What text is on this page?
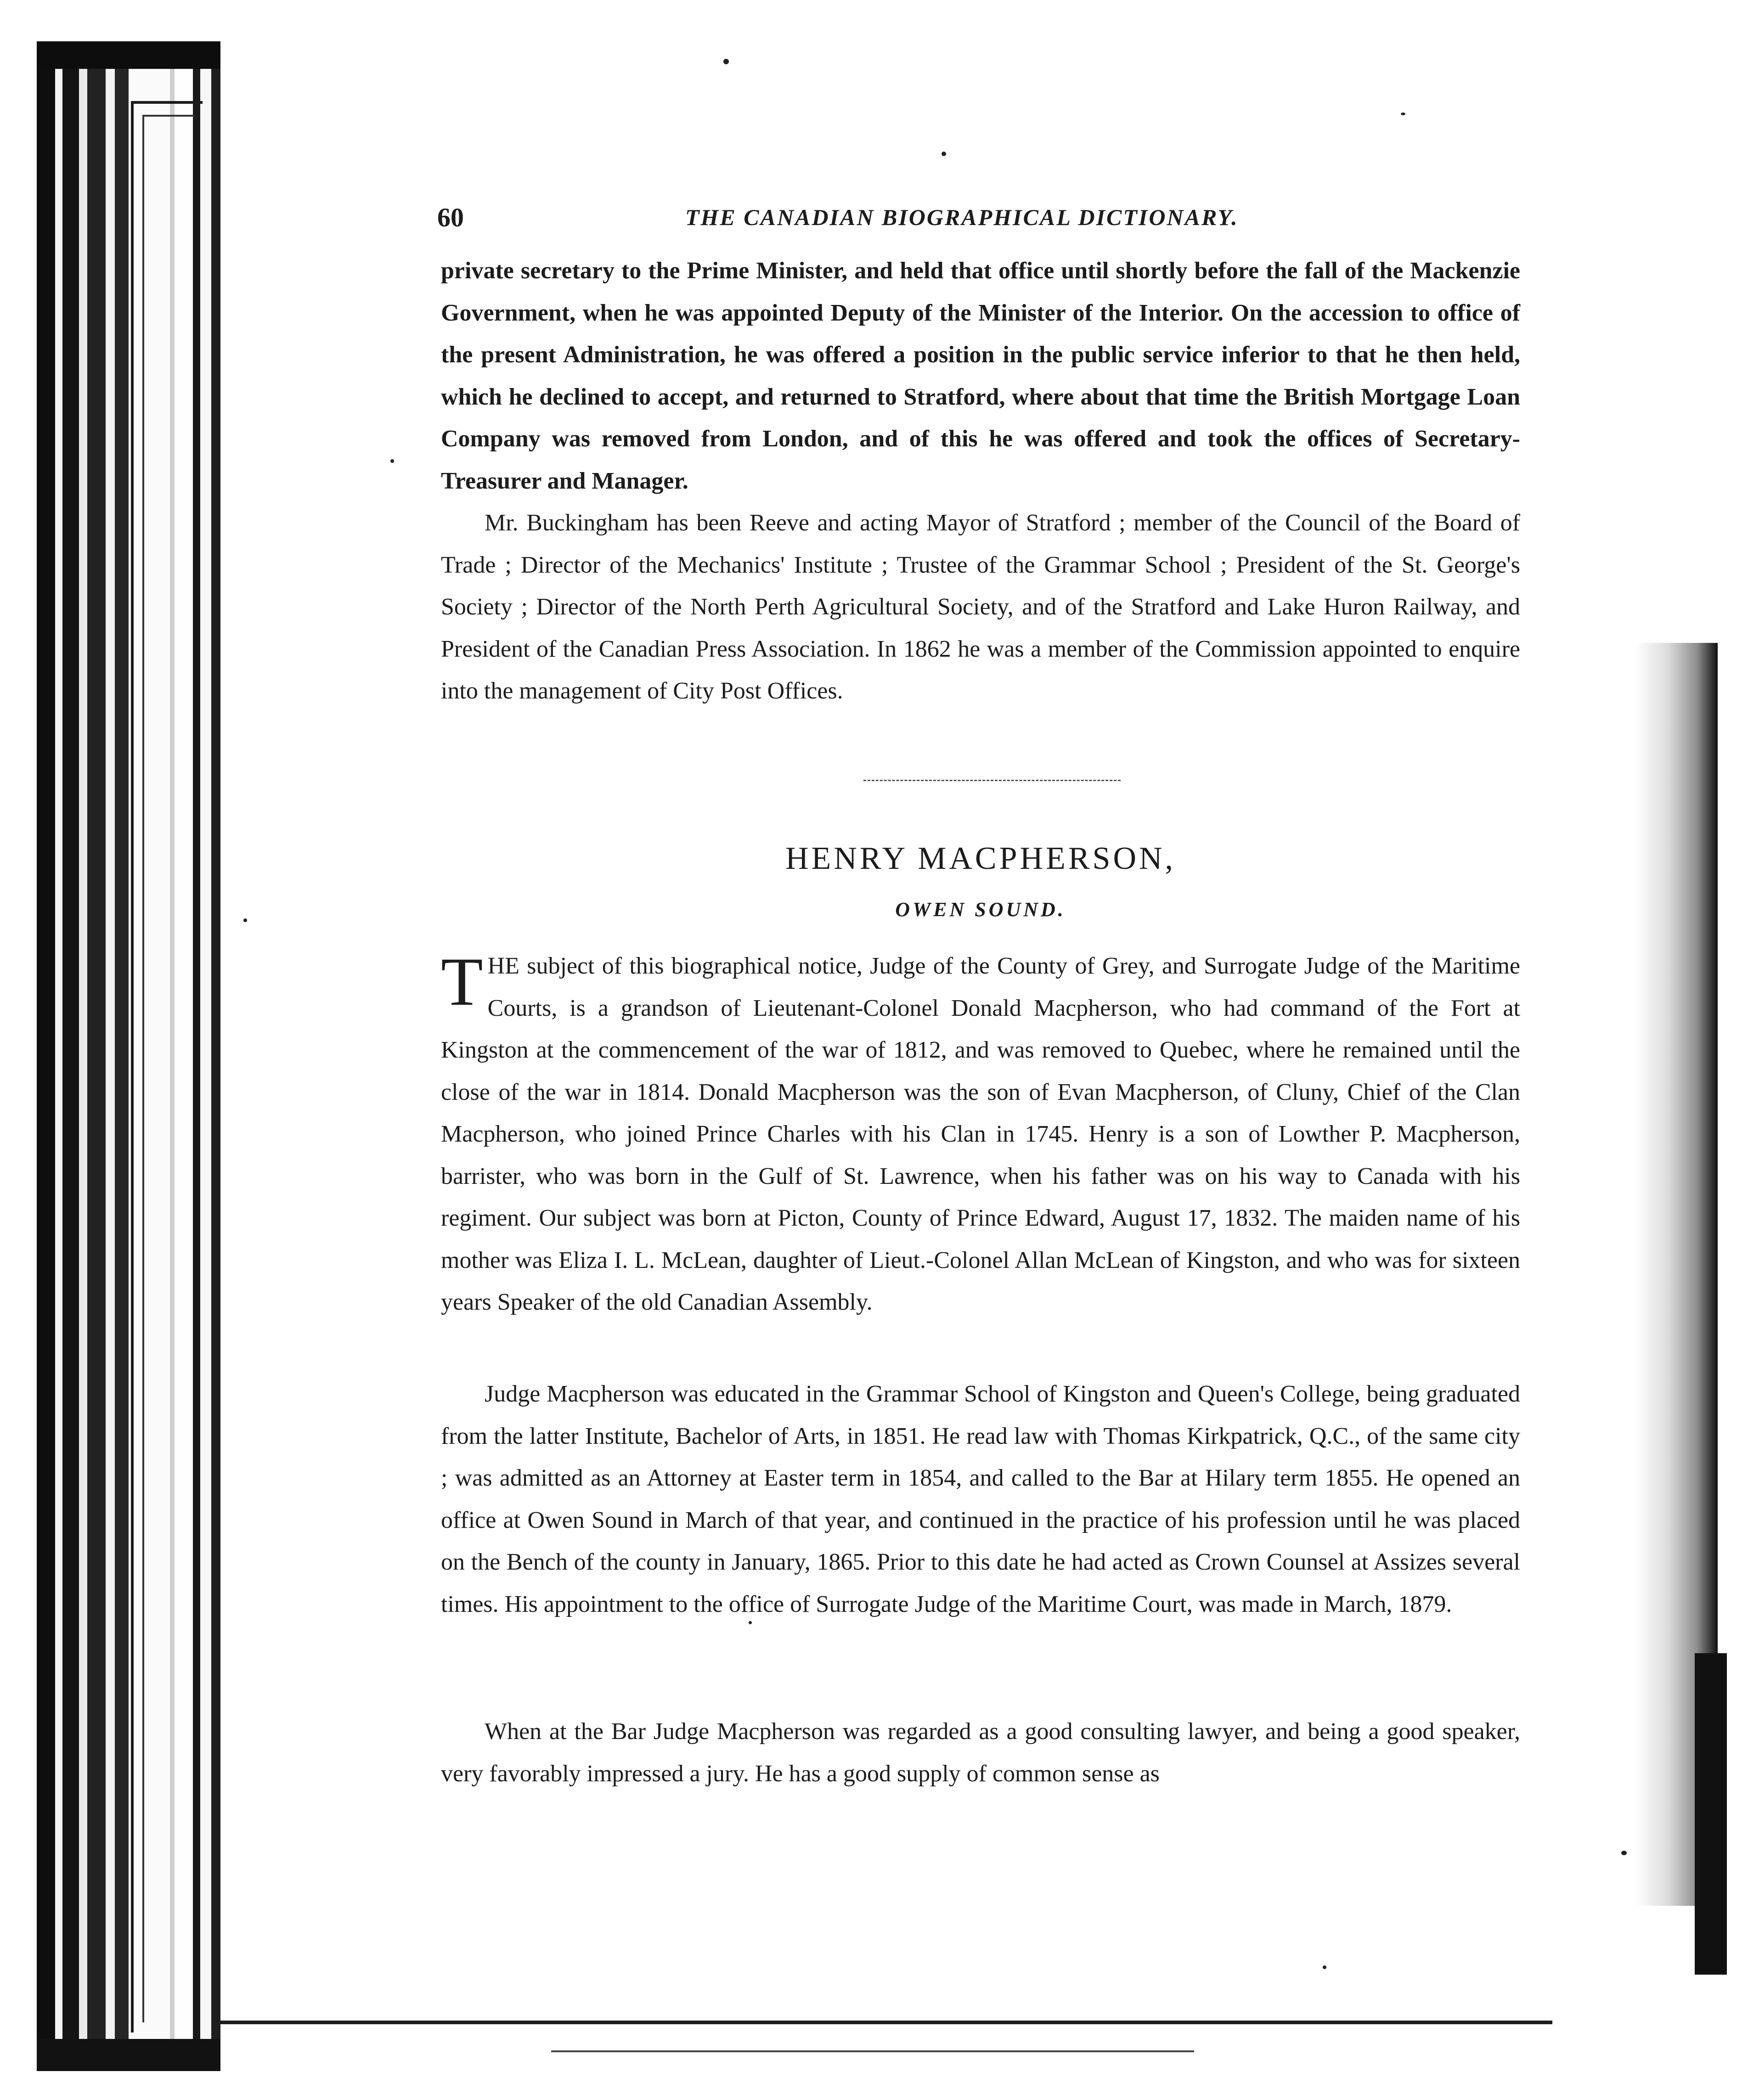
60	THE CANADIAN BIOGRAPHICAL DICTIONARY.

private secretary to the Prime Minister, and held that office until shortly before the fall of the Mackenzie Government, when he was appointed Deputy of the Minister of the Interior. On the accession to office of the present Administration, he was offered a position in the public service inferior to that he then held, which he declined to accept, and returned to Stratford, where about that time the British Mortgage Loan Company was removed from London, and of this he was offered and took the offices of Secretary-Treasurer and Manager.

Mr. Buckingham has been Reeve and acting Mayor of Stratford ; member of the Council of the Board of Trade ; Director of the Mechanics' Institute ; Trustee of the Grammar School ; President of the St. George's Society ; Director of the North Perth Agricultural Society, and of the Stratford and Lake Huron Railway, and President of the Canadian Press Association. In 1862 he was a member of the Commission appointed to enquire into the management of City Post Offices.

HENRY MACPHERSON,
OWEN SOUND.

THE subject of this biographical notice, Judge of the County of Grey, and Surrogate Judge of the Maritime Courts, is a grandson of Lieutenant-Colonel Donald Macpherson, who had command of the Fort at Kingston at the commencement of the war of 1812, and was removed to Quebec, where he remained until the close of the war in 1814. Donald Macpherson was the son of Evan Macpherson, of Cluny, Chief of the Clan Macpherson, who joined Prince Charles with his Clan in 1745. Henry is a son of Lowther P. Macpherson, barrister, who was born in the Gulf of St. Lawrence, when his father was on his way to Canada with his regiment. Our subject was born at Picton, County of Prince Edward, August 17, 1832. The maiden name of his mother was Eliza I. L. McLean, daughter of Lieut.-Colonel Allan McLean of Kingston, and who was for sixteen years Speaker of the old Canadian Assembly.

Judge Macpherson was educated in the Grammar School of Kingston and Queen's College, being graduated from the latter Institute, Bachelor of Arts, in 1851. He read law with Thomas Kirkpatrick, Q.C., of the same city ; was admitted as an Attorney at Easter term in 1854, and called to the Bar at Hilary term 1855. He opened an office at Owen Sound in March of that year, and continued in the practice of his profession until he was placed on the Bench of the county in January, 1865. Prior to this date he had acted as Crown Counsel at Assizes several times. His appointment to the office of Surrogate Judge of the Maritime Court, was made in March, 1879.

When at the Bar Judge Macpherson was regarded as a good consulting lawyer, and being a good speaker, very favorably impressed a jury. He has a good supply of common sense as
